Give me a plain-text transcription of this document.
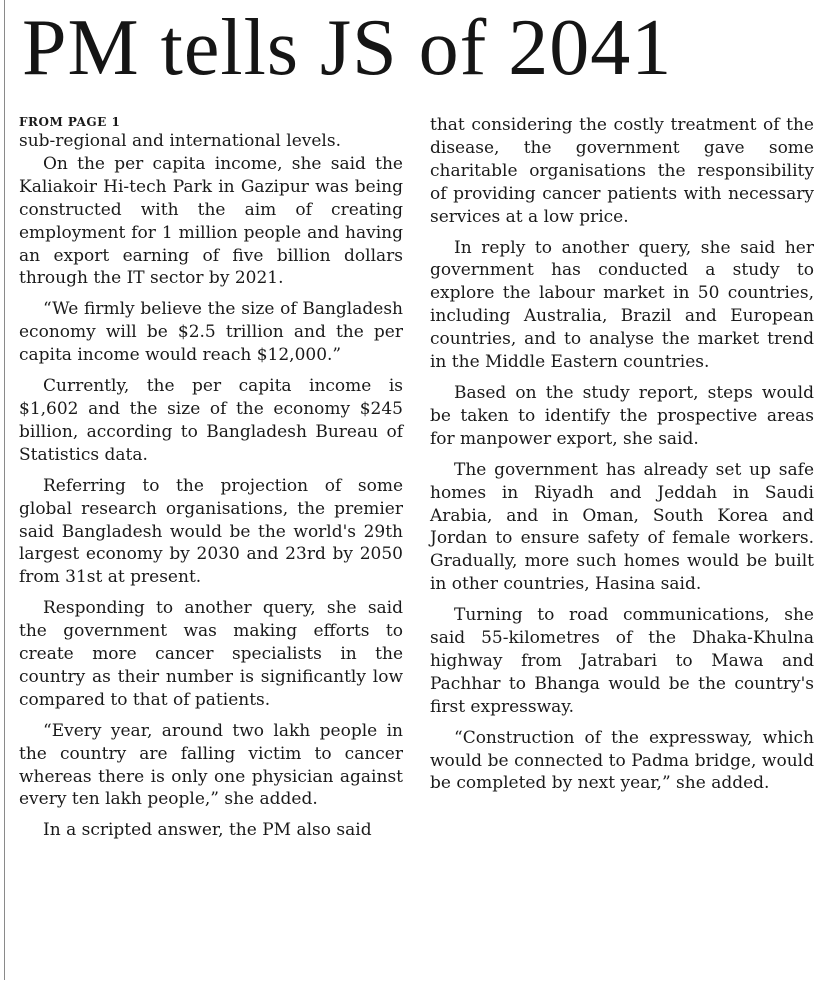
PM tells JS of 2041
FROM PAGE 1

sub-regional and international levels.

On the per capita income, she said the Kaliakoir Hi-tech Park in Gazipur was being constructed with the aim of creating employment for 1 million people and having an export earning of five billion dollars through the IT sector by 2021.

“We firmly believe the size of Bangladesh economy will be $2.5 trillion and the per capita income would reach $12,000.”

Currently, the per capita income is $1,602 and the size of the economy $245 billion, according to Bangladesh Bureau of Statistics data.

Referring to the projection of some global research organisations, the premier said Bangladesh would be the world's 29th largest economy by 2030 and 23rd by 2050 from 31st at present.

Responding to another query, she said the government was making efforts to create more cancer specialists in the country as their number is significantly low compared to that of patients.

“Every year, around two lakh people in the country are falling victim to cancer whereas there is only one physician against every ten lakh people,” she added.

In a scripted answer, the PM also said

that considering the costly treatment of the disease, the government gave some charitable organisations the responsibility of providing cancer patients with necessary services at a low price.

In reply to another query, she said her government has conducted a study to explore the labour market in 50 countries, including Australia, Brazil and European countries, and to analyse the market trend in the Middle Eastern countries.

Based on the study report, steps would be taken to identify the prospective areas for manpower export, she said.

The government has already set up safe homes in Riyadh and Jeddah in Saudi Arabia, and in Oman, South Korea and Jordan to ensure safety of female workers. Gradually, more such homes would be built in other countries, Hasina said.

Turning to road communications, she said 55-kilometres of the Dhaka-Khulna highway from Jatrabari to Mawa and Pachhar to Bhanga would be the country's first expressway.

“Construction of the expressway, which would be connected to Padma bridge, would be completed by next year,” she added.
